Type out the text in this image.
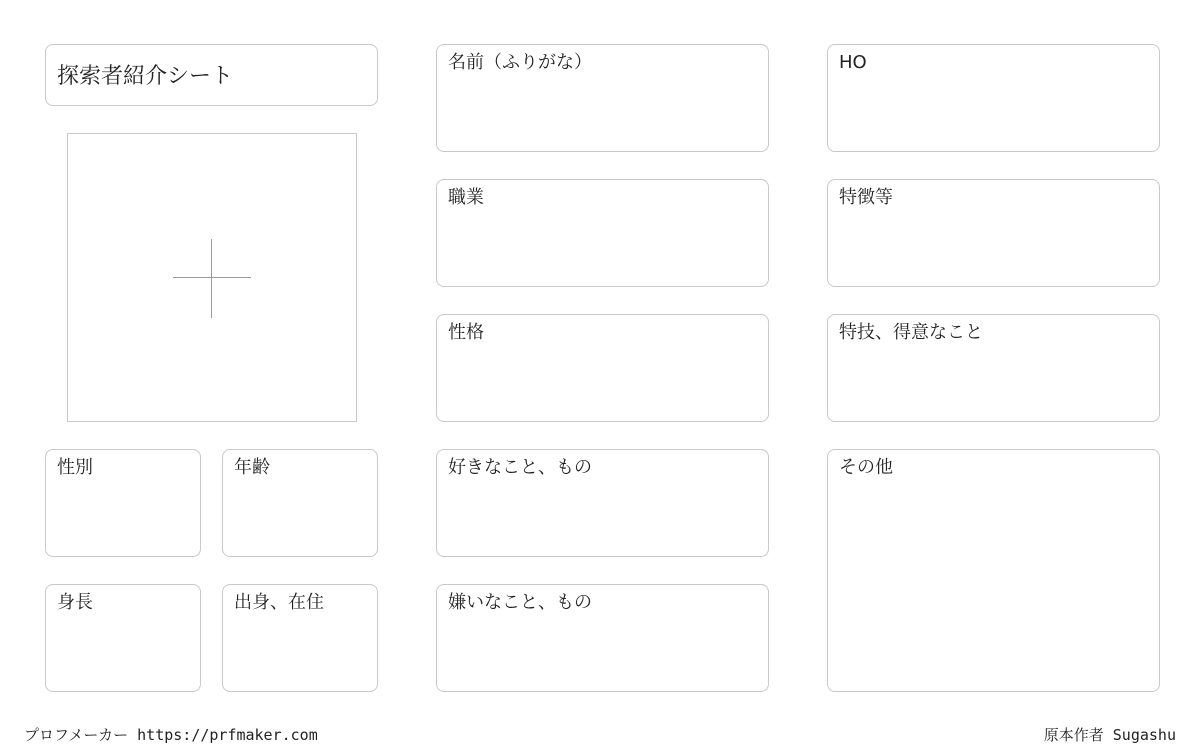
探索者紹介シート
名前（ふりがな）
職業
性格
好きなこと、もの
嫌いなこと、もの
HO
特徴等
特技、得意なこと
その他
性別	年齢
身長	出身、在住
プロフメーカー https://prfmaker.com	原本作者 Sugashu
